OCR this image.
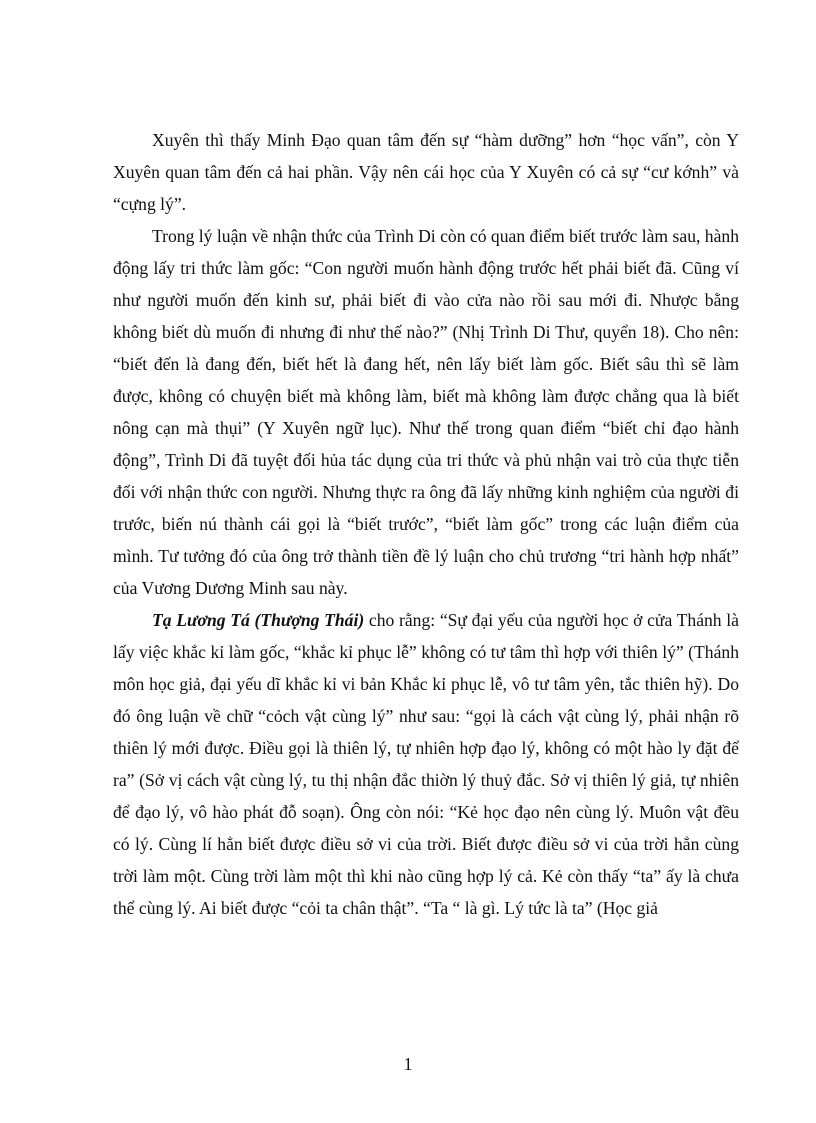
Xuyên thì thấy Minh Đạo quan tâm đến sự “hàm dưỡng” hơn “học vấn”, còn Y Xuyên quan tâm đến cả hai phần. Vậy nên cái học của Y Xuyên có cả sự “cư kớnh” và “cựng lý”.

Trong lý luận về nhận thức của Trình Di còn có quan điểm biết trước làm sau, hành động lấy tri thức làm gốc: “Con người muốn hành động trước hết phải biết đã. Cũng ví như người muốn đến kinh sư, phải biết đi vào cửa nào rồi sau mới đi. Nhược bằng không biết dù muốn đi nhưng đi như thế nào?” (Nhị Trình Di Thư, quyển 18). Cho nên: “biết đến là đang đến, biết hết là đang hết, nên lấy biết làm gốc. Biết sâu thì sẽ làm được, không có chuyện biết mà không làm, biết mà không làm được chẳng qua là biết nông cạn mà thụi” (Y Xuyên ngữ lục). Như thế trong quan điểm “biết chỉ đạo hành động”, Trình Di đã tuyệt đối hủa tác dụng của tri thức và phủ nhận vai trò của thực tiễn đối với nhận thức con người. Nhưng thực ra ông đã lấy những kinh nghiệm của người đi trước, biến nú thành cái gọi là “biết trước”, “biết làm gốc” trong các luận điểm của mình. Tư tưởng đó của ông trở thành tiền đề lý luận cho chủ trương “tri hành hợp nhất” của Vương Dương Minh sau này.

Tạ Lương Tá (Thượng Thái) cho rằng: “Sự đại yếu của người học ở cửa Thánh là lấy việc khắc kỉ làm gốc, “khắc kỉ phục lễ” không có tư tâm thì hợp với thiên lý” (Thánh môn học giả, đại yếu dĩ khắc kỉ vi bản Khắc kỉ phục lễ, vô tư tâm yên, tắc thiên hỹ). Do đó ông luận về chữ “cỏch vật cùng lý” như sau: “gọi là cách vật cùng lý, phải nhận rõ thiên lý mới được. Điều gọi là thiên lý, tự nhiên hợp đạo lý, không có một hào ly đặt để ra” (Sở vị cách vật cùng lý, tu thị nhận đắc thiờn lý thuỷ đắc. Sở vị thiên lý giả, tự nhiên để đạo lý, vô hào phát đỗ soạn). Ông còn nói: “Kẻ học đạo nên cùng lý. Muôn vật đều có lý. Cùng lí hẳn biết được điều sở vi của trời. Biết được điều sở vi của trời hẳn cùng trời làm một. Cùng trời làm một thì khi nào cũng hợp lý cả. Kẻ còn thấy “ta” ấy là chưa thể cùng lý. Ai biết được “cỏi ta chân thật”. “Ta “ là gì. Lý tức là ta” (Học giả

1
